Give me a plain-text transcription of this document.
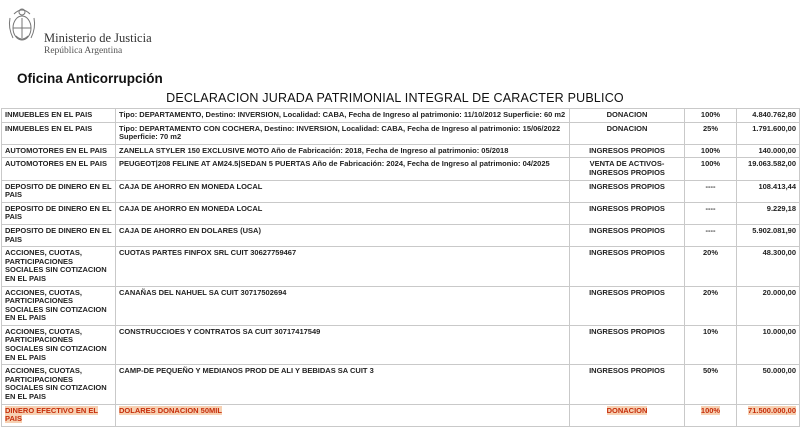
Ministerio de Justicia
República Argentina
Oficina Anticorrupción
DECLARACION JURADA PATRIMONIAL INTEGRAL DE CARACTER PUBLICO
INMUEBLES EN EL PAIS	Tipo: DEPARTAMENTO, Destino: INVERSION, Localidad: CABA, Fecha de Ingreso al patrimonio: 11/10/2012 Superficie: 60 m2	DONACION	100%	4.840.762,80
INMUEBLES EN EL PAIS	Tipo: DEPARTAMENTO CON COCHERA, Destino: INVERSION, Localidad: CABA, Fecha de Ingreso al patrimonio: 15/06/2022 Superficie: 70 m2	DONACION	25%	1.791.600,00
AUTOMOTORES EN EL PAIS	ZANELLA STYLER 150 EXCLUSIVE MOTO Año de Fabricación: 2018, Fecha de Ingreso al patrimonio: 05/2018	INGRESOS PROPIOS	100%	140.000,00
AUTOMOTORES EN EL PAIS	PEUGEOT|208 FELINE AT AM24.5|SEDAN 5 PUERTAS Año de Fabricación: 2024, Fecha de Ingreso al patrimonio: 04/2025	VENTA DE ACTIVOS-INGRESOS PROPIOS	100%	19.063.582,00
DEPOSITO DE DINERO EN EL PAIS	CAJA DE AHORRO EN MONEDA LOCAL	INGRESOS PROPIOS	----	108.413,44
DEPOSITO DE DINERO EN EL PAIS	CAJA DE AHORRO EN MONEDA LOCAL	INGRESOS PROPIOS	----	9.229,18
DEPOSITO DE DINERO EN EL PAIS	CAJA DE AHORRO EN DOLARES (USA)	INGRESOS PROPIOS	----	5.902.081,90
ACCIONES, CUOTAS, PARTICIPACIONES SOCIALES SIN COTIZACION EN EL PAIS	CUOTAS PARTES FINFOX SRL CUIT 30627759467	INGRESOS PROPIOS	20%	48.300,00
ACCIONES, CUOTAS, PARTICIPACIONES SOCIALES SIN COTIZACION EN EL PAIS	CANAÑAS DEL NAHUEL SA CUIT 30717502694	INGRESOS PROPIOS	20%	20.000,00
ACCIONES, CUOTAS, PARTICIPACIONES SOCIALES SIN COTIZACION EN EL PAIS	CONSTRUCCIOES Y CONTRATOS SA CUIT 30717417549	INGRESOS PROPIOS	10%	10.000,00
ACCIONES, CUOTAS, PARTICIPACIONES SOCIALES SIN COTIZACION EN EL PAIS	CAMP-DE PEQUEÑO Y MEDIANOS PROD DE ALI Y BEBIDAS SA CUIT 3	INGRESOS PROPIOS	50%	50.000,00
DINERO EFECTIVO EN EL PAIS	DOLARES DONACION 50MIL	DONACION	100%	71.500.000,00
